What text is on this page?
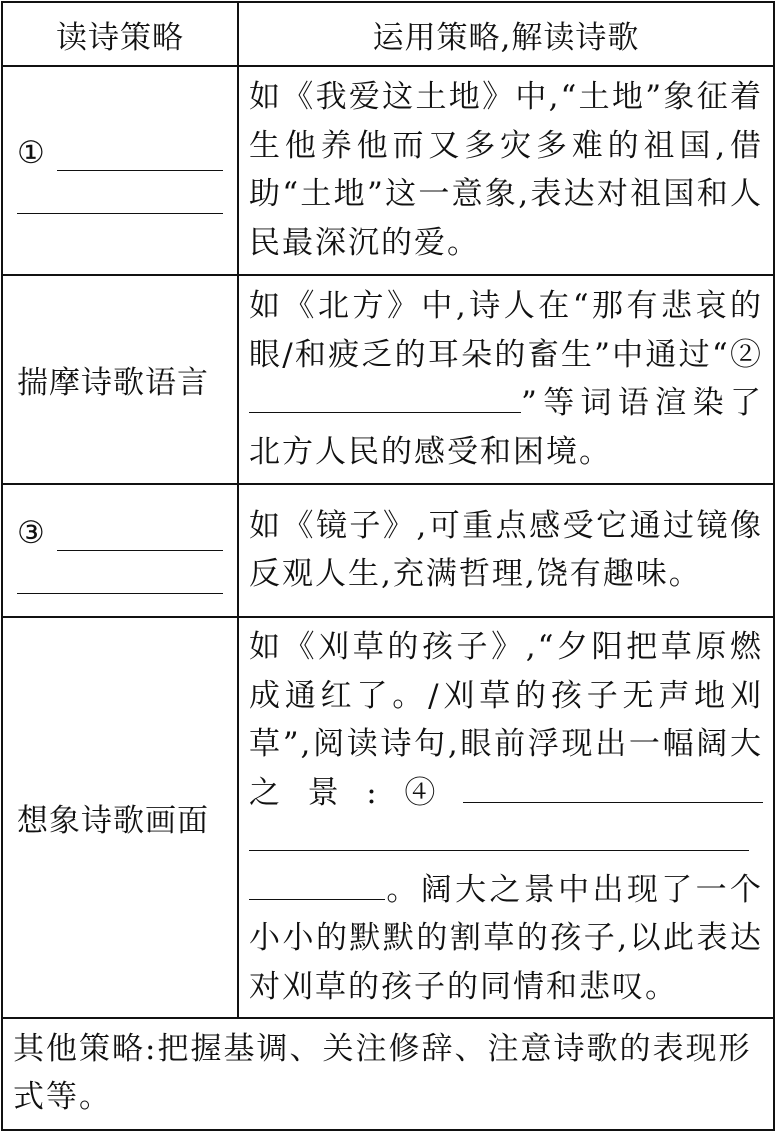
读诗策略	运用策略,解读诗歌

①	如《我爱这土地》中,“土地”象征着生他养他而又多灾多难的祖国,借助“土地”这一意象,表达对祖国和人民最深沉的爱。
揣摩诗歌语言	如《北方》中,诗人在“那有悲哀的眼/和疲乏的耳朵的畜生”中通过“②”等词语渲染了北方人民的感受和困境。

③	如《镜子》,可重点感受它通过镜像反观人生,充满哲理,饶有趣味。
想象诗歌画面	如《刈草的孩子》,“夕阳把草原燃成通红了。/刈草的孩子无声地刈草”,阅读诗句,眼前浮现出一幅阔大之景:④。阔大之景中出现了一个小小的默默的割草的孩子,以此表达对刈草的孩子的同情和悲叹。
其他策略:把握基调、关注修辞、注意诗歌的表现形式等。	
